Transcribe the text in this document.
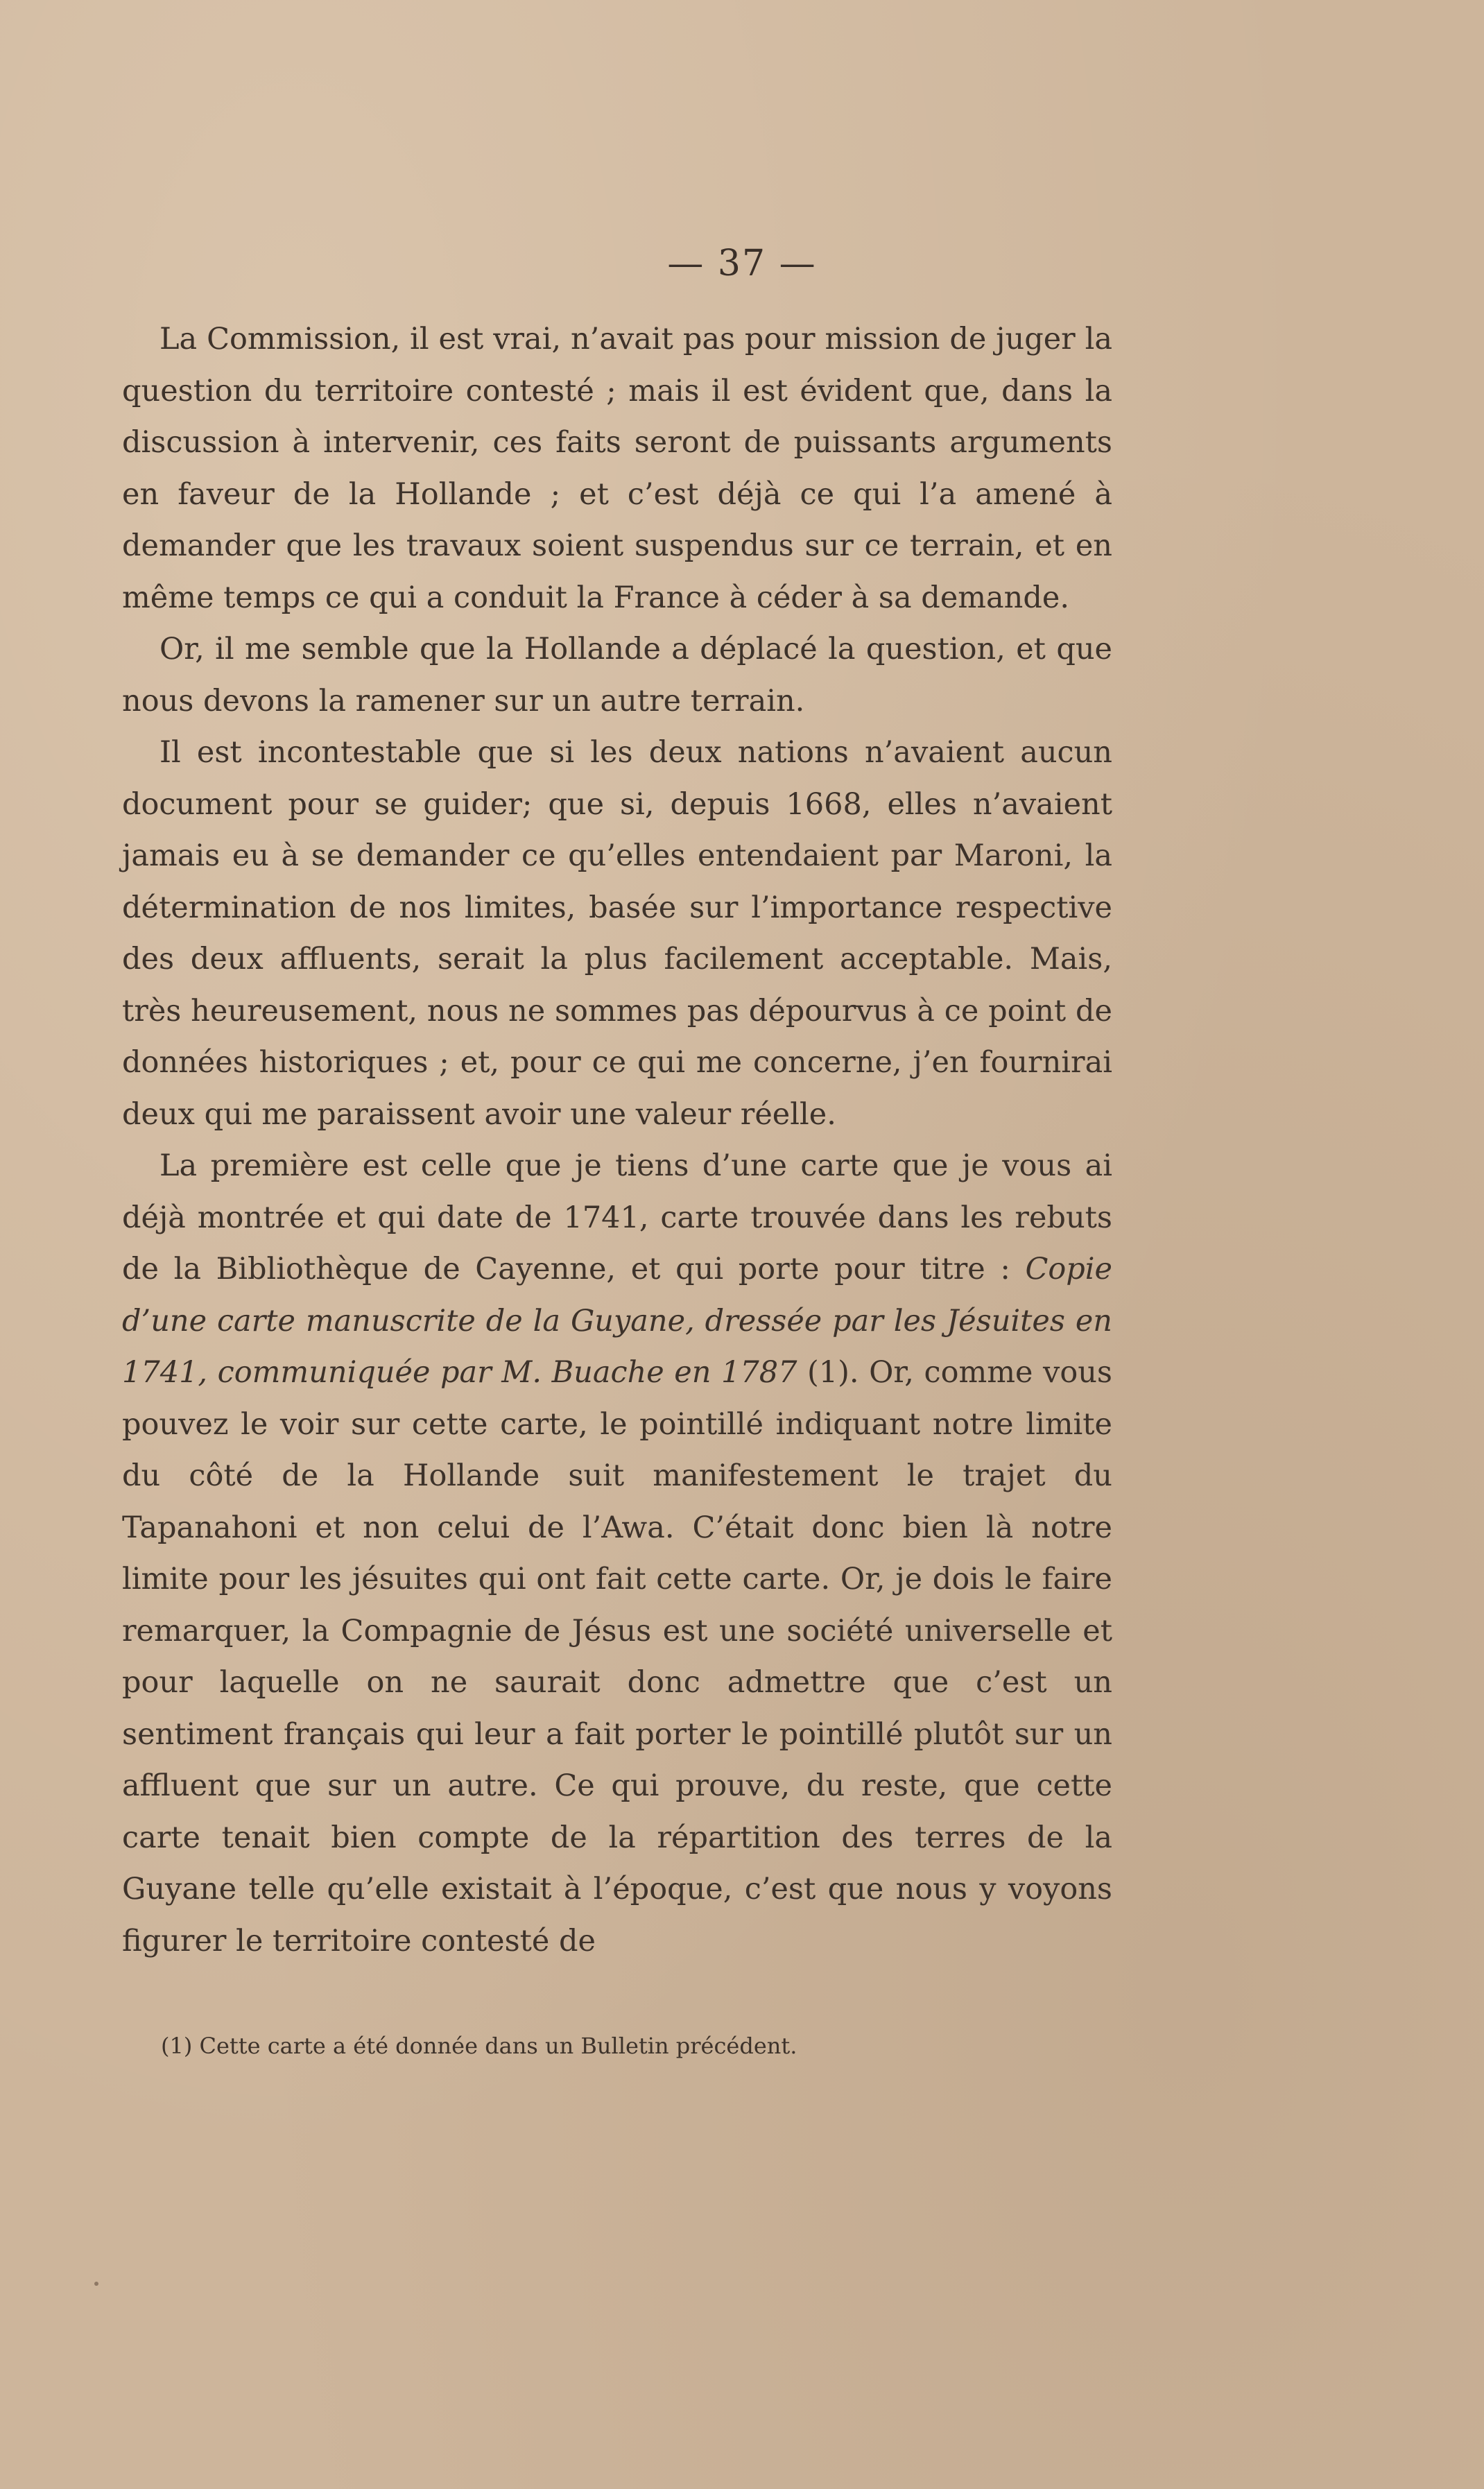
— 37 —

La Commission, il est vrai, n’avait pas pour mission de juger la question du territoire contesté ; mais il est évident que, dans la discussion à intervenir, ces faits seront de puissants arguments en faveur de la Hollande ; et c’est déjà ce qui l’a amené à demander que les travaux soient suspendus sur ce terrain, et en même temps ce qui a conduit la France à céder à sa demande.

Or, il me semble que la Hollande a déplacé la question, et que nous devons la ramener sur un autre terrain.

Il est incontestable que si les deux nations n’avaient aucun document pour se guider; que si, depuis 1668, elles n’avaient jamais eu à se demander ce qu’elles entendaient par Maroni, la détermination de nos limites, basée sur l’importance respective des deux affluents, serait la plus facilement acceptable. Mais, très heureusement, nous ne sommes pas dépourvus à ce point de données historiques ; et, pour ce qui me concerne, j’en fournirai deux qui me paraissent avoir une valeur réelle.

La première est celle que je tiens d’une carte que je vous ai déjà montrée et qui date de 1741, carte trouvée dans les rebuts de la Bibliothèque de Cayenne, et qui porte pour titre : Copie d’une carte manuscrite de la Guyane, dressée par les Jésuites en 1741, communiquée par M. Buache en 1787 (1). Or, comme vous pouvez le voir sur cette carte, le pointillé indiquant notre limite du côté de la Hollande suit manifestement le trajet du Tapanahoni et non celui de l’Awa. C’était donc bien là notre limite pour les jésuites qui ont fait cette carte. Or, je dois le faire remarquer, la Compagnie de Jésus est une société universelle et pour laquelle on ne saurait donc admettre que c’est un sentiment français qui leur a fait porter le pointillé plutôt sur un affluent que sur un autre. Ce qui prouve, du reste, que cette carte tenait bien compte de la répartition des terres de la Guyane telle qu’elle existait à l’époque, c’est que nous y voyons figurer le territoire contesté de

(1) Cette carte a été donnée dans un Bulletin précédent.
